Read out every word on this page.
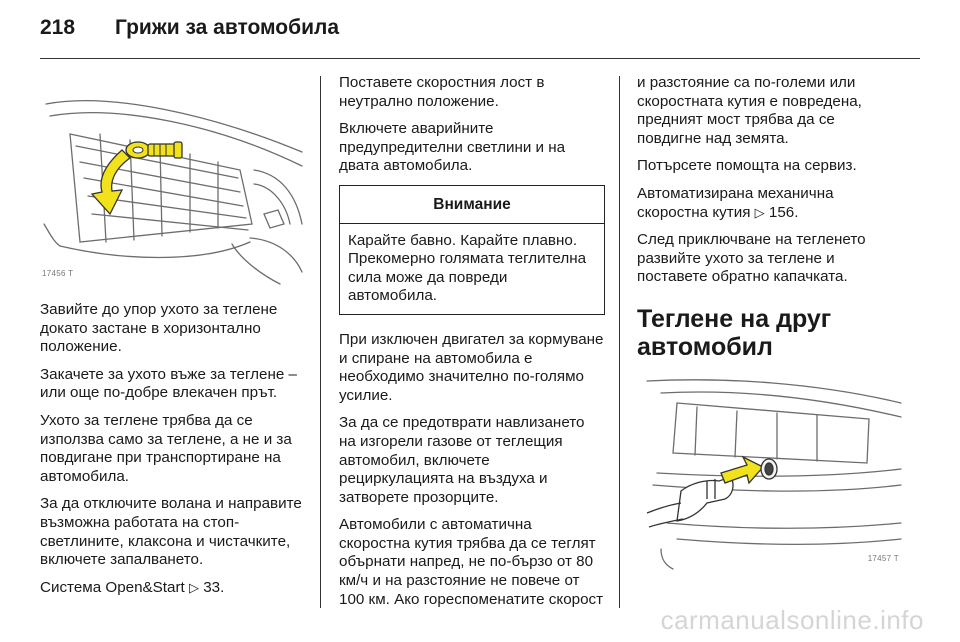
218	Грижи за автомобила
17456 T

Завийте до упор ухото за теглене докато застане в хоризонтално положение.

Закачете за ухото въже за теглене – или още по-добре влекачен прът.

Ухото за теглене трябва да се използва само за теглене, а не и за повдигане при транспортиране на автомобила.

За да отключите волана и направите възможна работата на стоп-светлините, клаксона и чистачките, включете запалването.

Система Open&Start ▷ 33.

Поставете скоростния лост в неутрално положение.

Включете аварийните предупредителни светлини и на двата автомобила.

Внимание
Карайте бавно. Карайте плавно. Прекомерно голямата теглителна сила може да повреди автомобила.

При изключен двигател за кормуване и спиране на автомобила е необходимо значително по-голямо усилие.

За да се предотврати навлизането на изгорели газове от теглещия автомобил, включете рециркулацията на въздуха и затворете прозорците.

Автомобили с автоматична скоростна кутия трябва да се теглят обърнати напред, не по-бързо от 80 км/ч и на разстояние не повече от 100 км. Ако гореспоменатите скорост

и разстояние са по-големи или скоростната кутия е повредена, предният мост трябва да се повдигне над земята.

Потърсете помощта на сервиз.

Автоматизирана механична скоростна кутия ▷ 156.

След приключване на тегленето развийте ухото за теглене и поставете обратно капачката.

Теглене на друг автомобил
17457 T
carmanualsonline.info
